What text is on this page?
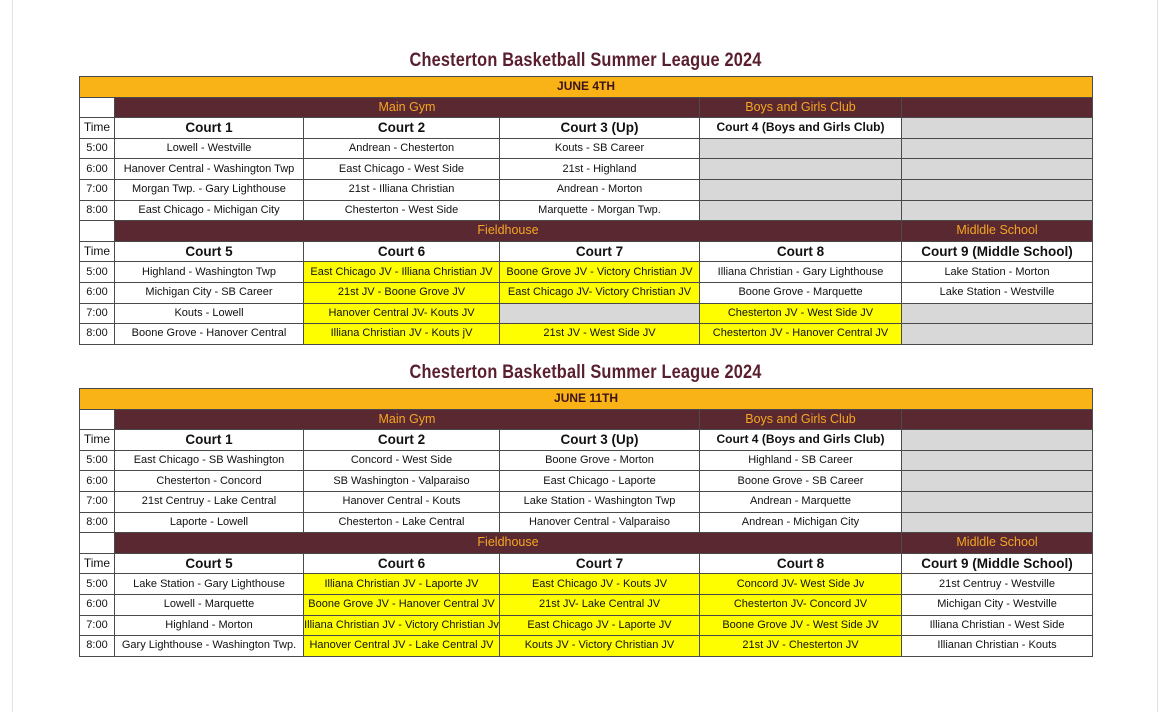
Chesterton Basketball Summer League 2024
JUNE 4TH					
	Main Gym			Boys and Girls Club	
Time	Court 1	Court 2	Court 3 (Up)	Court 4 (Boys and Girls Club)	
5:00	Lowell - Westville	Andrean - Chesterton	Kouts - SB Career		
6:00	Hanover Central - Washington Twp	East Chicago - West Side	21st - Highland		
7:00	Morgan Twp. - Gary Lighthouse	21st - Illiana Christian	Andrean - Morton		
8:00	East Chicago - Michigan City	Chesterton - West Side	Marquette - Morgan Twp.		
	Fieldhouse				Midldle School
Time	Court 5	Court 6	Court 7	Court 8	Court 9 (Middle School)
5:00	Highland - Washington Twp	East Chicago JV - Illiana Christian JV	Boone Grove JV - Victory Christian JV	Illiana Christian - Gary Lighthouse	Lake Station - Morton
6:00	Michigan City - SB Career	21st JV - Boone Grove JV	East Chicago JV- Victory Christian JV	Boone Grove - Marquette	Lake Station - Westville
7:00	Kouts - Lowell	Hanover Central JV- Kouts JV		Chesterton JV - West Side JV	
8:00	Boone Grove - Hanover Central	Illiana Christian JV - Kouts jV	21st JV - West Side JV	Chesterton JV - Hanover Central JV	
Chesterton Basketball Summer League 2024
JUNE 11TH					
	Main Gym			Boys and Girls Club	
Time	Court 1	Court 2	Court 3 (Up)	Court 4 (Boys and Girls Club)	
5:00	East Chicago - SB Washington	Concord - West Side	Boone Grove - Morton	Highland - SB Career	
6:00	Chesterton - Concord	SB Washington - Valparaiso	East Chicago - Laporte	Boone Grove - SB Career	
7:00	21st Centruy - Lake Central	Hanover Central - Kouts	Lake Station - Washington Twp	Andrean - Marquette	
8:00	Laporte - Lowell	Chesterton - Lake Central	Hanover Central - Valparaiso	Andrean - Michigan City	
	Fieldhouse				Midldle School
Time	Court 5	Court 6	Court 7	Court 8	Court 9 (Middle School)
5:00	Lake Station - Gary Lighthouse	Illiana Christian JV - Laporte JV	East Chicago JV - Kouts JV	Concord JV- West Side Jv	21st Centruy - Westville
6:00	Lowell - Marquette	Boone Grove JV - Hanover Central JV	21st JV- Lake Central JV	Chesterton JV- Concord JV	Michigan City - Westville
7:00	Highland - Morton	Illiana Christian JV - Victory Christian Jv	East Chicago JV - Laporte JV	Boone Grove JV - West Side JV	Illiana Christian - West Side
8:00	Gary Lighthouse - Washington Twp.	Hanover Central JV - Lake Central JV	Kouts JV - Victory Christian JV	21st JV - Chesterton JV	Illianan Christian - Kouts
